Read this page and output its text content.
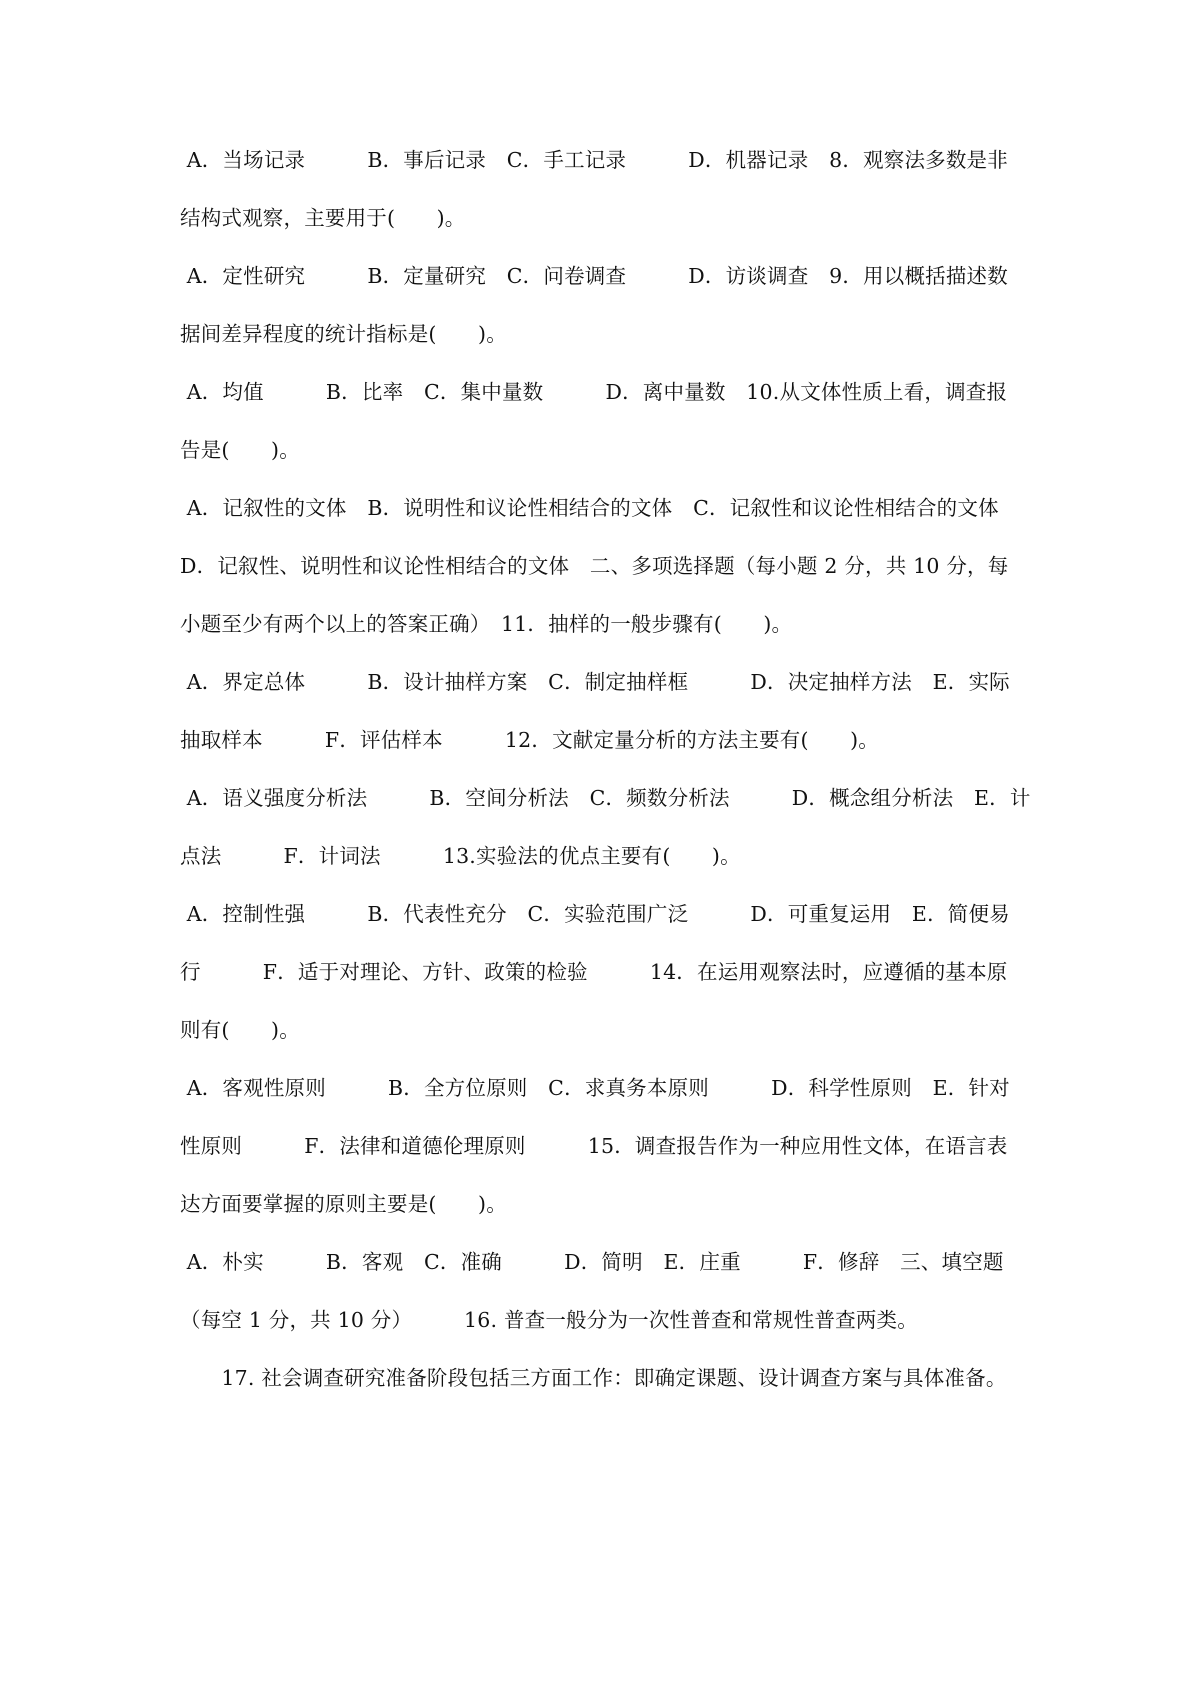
A．当场记录　　　B．事后记录　C．手工记录　　　D．机器记录　8．观察法多数是非
结构式观察，主要用于(　　)。
A．定性研究　　　B．定量研究　C．问卷调查　　　D．访谈调查　9．用以概括描述数
据间差异程度的统计指标是(　　)。
A．均值　　　B．比率　C．集中量数　　　D．离中量数　10.从文体性质上看，调查报
告是(　　)。
A．记叙性的文体　B．说明性和议论性相结合的文体　C．记叙性和议论性相结合的文体
D．记叙性、说明性和议论性相结合的文体　二、多项选择题（每小题 2 分，共 10 分，每
小题至少有两个以上的答案正确）　11．抽样的一般步骤有(　　)。
A．界定总体　　　B．设计抽样方案　C．制定抽样框　　　D．决定抽样方法　E．实际
抽取样本　　　F．评估样本　　　12．文献定量分析的方法主要有(　　)。
A．语义强度分析法　　　B．空间分析法　C．频数分析法　　　D．概念组分析法　E．计
点法　　　F．计词法　　　13.实验法的优点主要有(　　)。
A．控制性强　　　B．代表性充分　C．实验范围广泛　　　D．可重复运用　E．简便易
行　　　F．适于对理论、方针、政策的检验　　　14．在运用观察法时，应遵循的基本原
则有(　　)。
A．客观性原则　　　B．全方位原则　C．求真务本原则　　　D．科学性原则　E．针对
性原则　　　F．法律和道德伦理原则　　　15．调查报告作为一种应用性文体，在语言表
达方面要掌握的原则主要是(　　)。
A．朴实　　　B．客观　C．准确　　　D．简明　E．庄重　　　F．修辞　三、填空题
（每空 1 分，共 10 分）　　　16. 普查一般分为一次性普查和常规性普查两类。
　　17. 社会调查研究准备阶段包括三方面工作：即确定课题、设计调查方案与具体准备。
